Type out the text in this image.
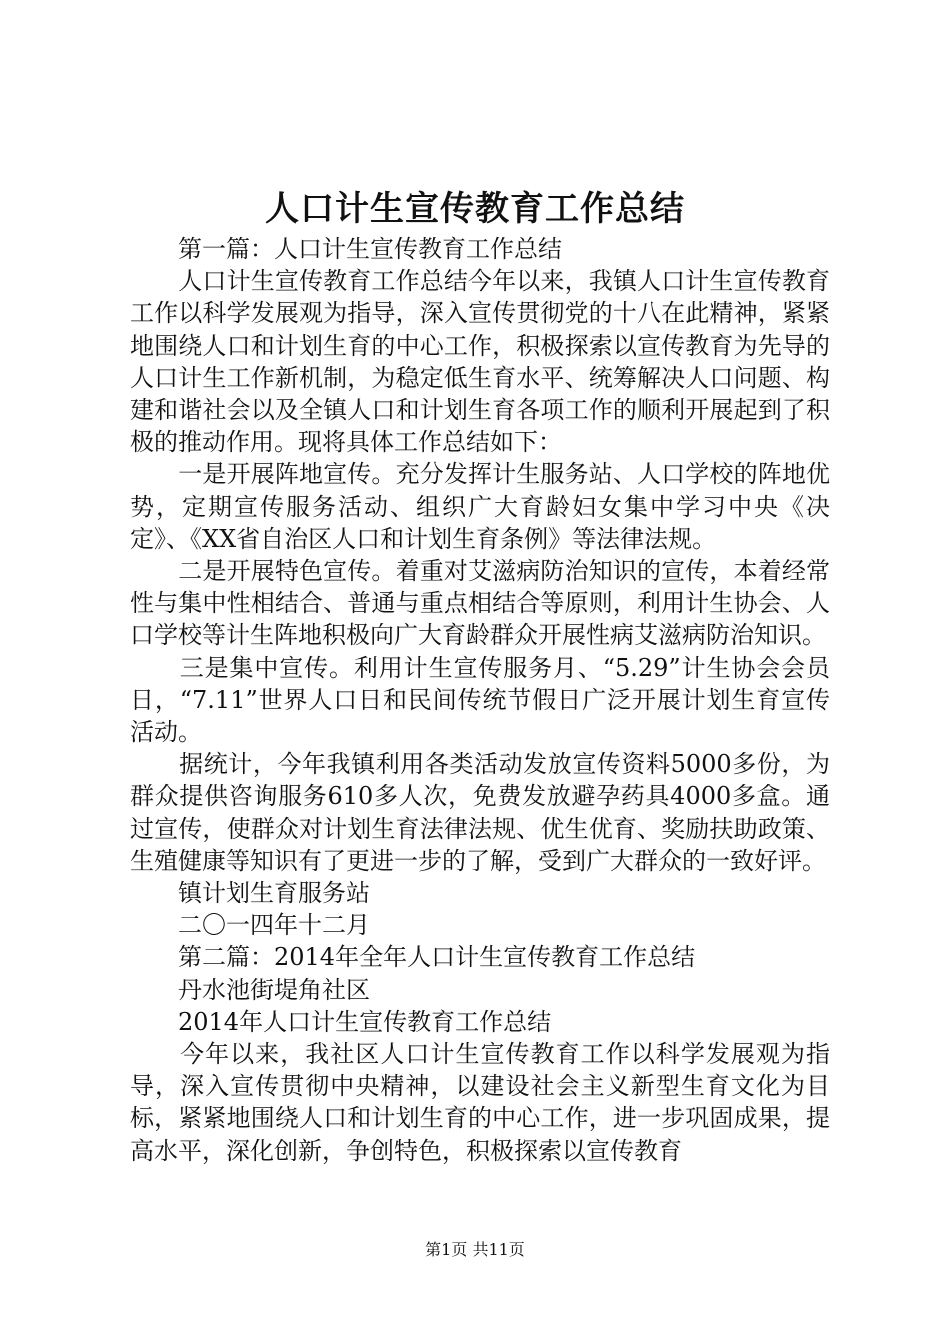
人口计生宣传教育工作总结

　　第一篇：人口计生宣传教育工作总结

　　人口计生宣传教育工作总结今年以来，我镇人口计生宣传教育工作以科学发展观为指导，深入宣传贯彻党的十八在此精神，紧紧地围绕人口和计划生育的中心工作，积极探索以宣传教育为先导的人口计生工作新机制，为稳定低生育水平、统筹解决人口问题、构建和谐社会以及全镇人口和计划生育各项工作的顺利开展起到了积极的推动作用。现将具体工作总结如下：

　　一是开展阵地宣传。充分发挥计生服务站、人口学校的阵地优势，定期宣传服务活动、组织广大育龄妇女集中学习中央《决定》、《XX省自治区人口和计划生育条例》等法律法规。

　　二是开展特色宣传。着重对艾滋病防治知识的宣传，本着经常性与集中性相结合、普通与重点相结合等原则，利用计生协会、人口学校等计生阵地积极向广大育龄群众开展性病艾滋病防治知识。

　　三是集中宣传。利用计生宣传服务月、“5.29”计生协会会员日，“7.11”世界人口日和民间传统节假日广泛开展计划生育宣传活动。

　　据统计，今年我镇利用各类活动发放宣传资料5000多份，为群众提供咨询服务610多人次，免费发放避孕药具4000多盒。通过宣传，使群众对计划生育法律法规、优生优育、奖励扶助政策、生殖健康等知识有了更进一步的了解，受到广大群众的一致好评。

　　镇计划生育服务站

　　二〇一四年十二月

　　第二篇：2014年全年人口计生宣传教育工作总结

　　丹水池街堤角社区

　　2014年人口计生宣传教育工作总结

　　今年以来，我社区人口计生宣传教育工作以科学发展观为指导，深入宣传贯彻中央精神，以建设社会主义新型生育文化为目标，紧紧地围绕人口和计划生育的中心工作，进一步巩固成果，提高水平，深化创新，争创特色，积极探索以宣传教育

第1页 共11页
